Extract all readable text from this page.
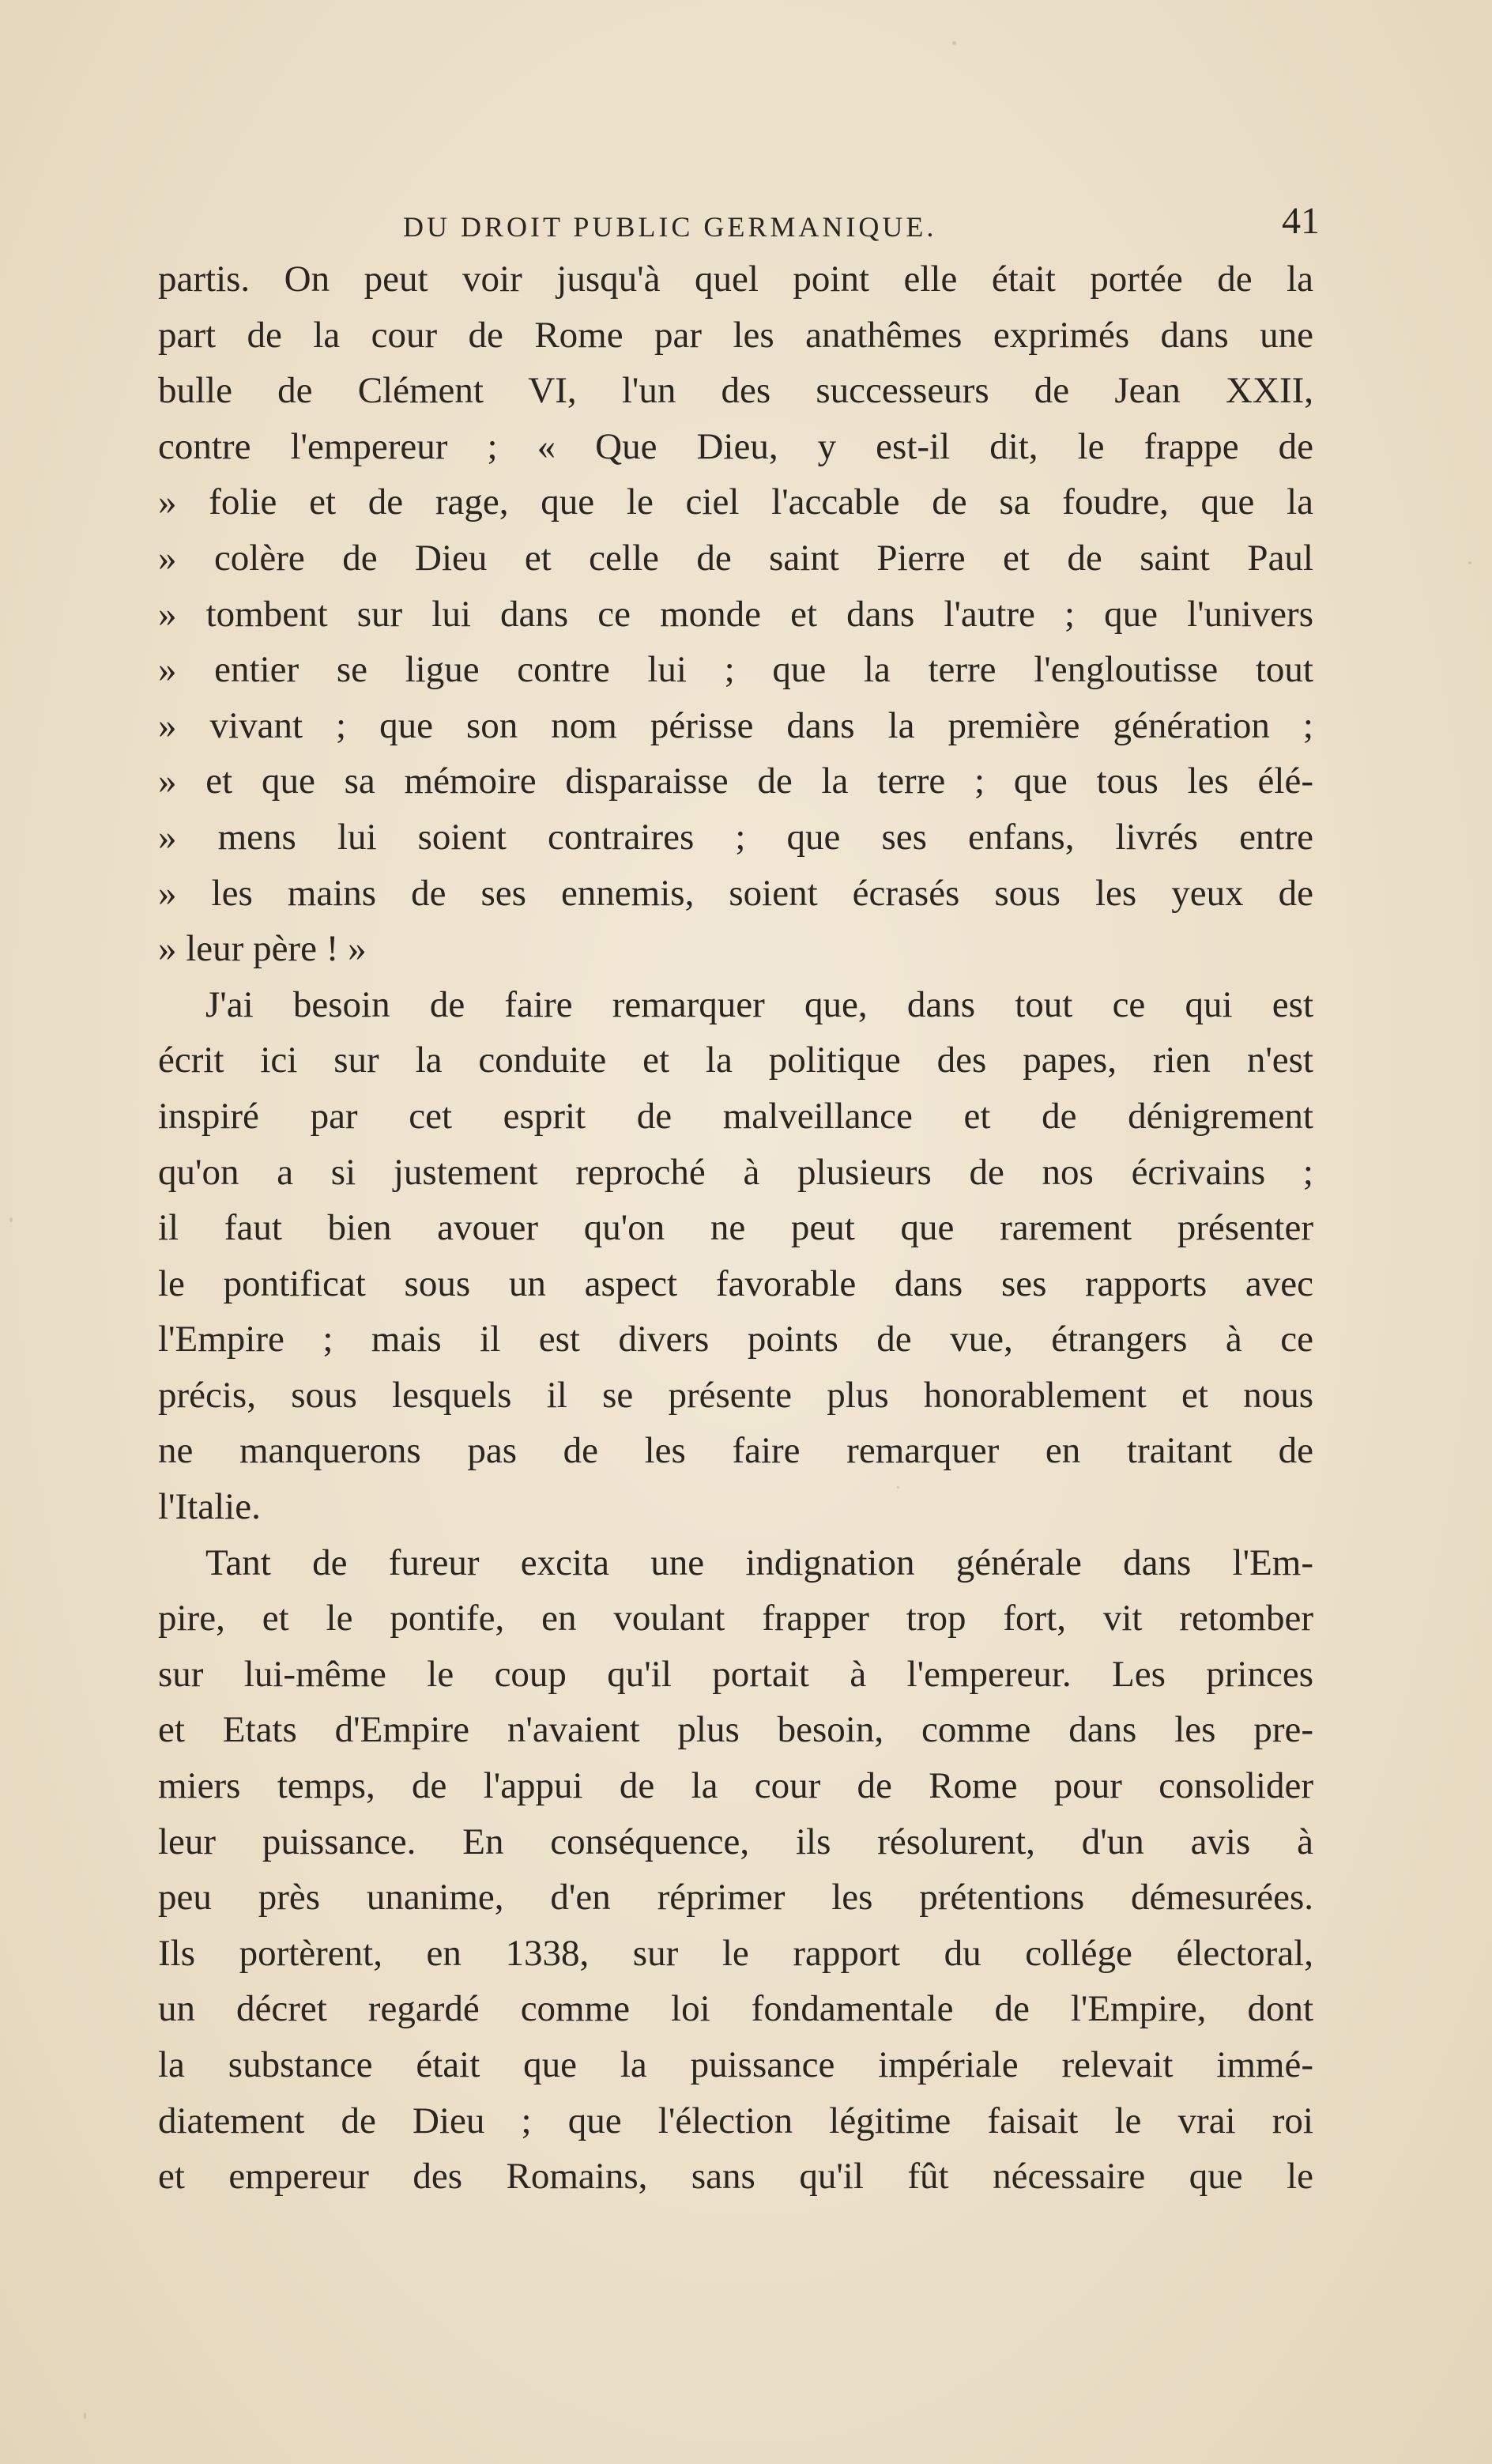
DU DROIT PUBLIC GERMANIQUE.	41
partis. On peut voir jusqu'à quel point elle était portée de la
part de la cour de Rome par les anathêmes exprimés dans une
bulle de Clément VI, l'un des successeurs de Jean XXII,
contre l'empereur ; « Que Dieu, y est-il dit, le frappe de
» folie et de rage, que le ciel l'accable de sa foudre, que la
» colère de Dieu et celle de saint Pierre et de saint Paul
» tombent sur lui dans ce monde et dans l'autre ; que l'univers
» entier se ligue contre lui ; que la terre l'engloutisse tout
» vivant ; que son nom périsse dans la première génération ;
» et que sa mémoire disparaisse de la terre ; que tous les élé-
» mens lui soient contraires ; que ses enfans, livrés entre
» les mains de ses ennemis, soient écrasés sous les yeux de
» leur père ! »
J'ai besoin de faire remarquer que, dans tout ce qui est
écrit ici sur la conduite et la politique des papes, rien n'est
inspiré par cet esprit de malveillance et de dénigrement
qu'on a si justement reproché à plusieurs de nos écrivains ;
il faut bien avouer qu'on ne peut que rarement présenter
le pontificat sous un aspect favorable dans ses rapports avec
l'Empire ; mais il est divers points de vue, étrangers à ce
précis, sous lesquels il se présente plus honorablement et nous
ne manquerons pas de les faire remarquer en traitant de
l'Italie.
Tant de fureur excita une indignation générale dans l'Em-
pire, et le pontife, en voulant frapper trop fort, vit retomber
sur lui-même le coup qu'il portait à l'empereur. Les princes
et Etats d'Empire n'avaient plus besoin, comme dans les pre-
miers temps, de l'appui de la cour de Rome pour consolider
leur puissance. En conséquence, ils résolurent, d'un avis à
peu près unanime, d'en réprimer les prétentions démesurées.
Ils portèrent, en 1338, sur le rapport du collége électoral,
un décret regardé comme loi fondamentale de l'Empire, dont
la substance était que la puissance impériale relevait immé-
diatement de Dieu ; que l'élection légitime faisait le vrai roi
et empereur des Romains, sans qu'il fût nécessaire que le
